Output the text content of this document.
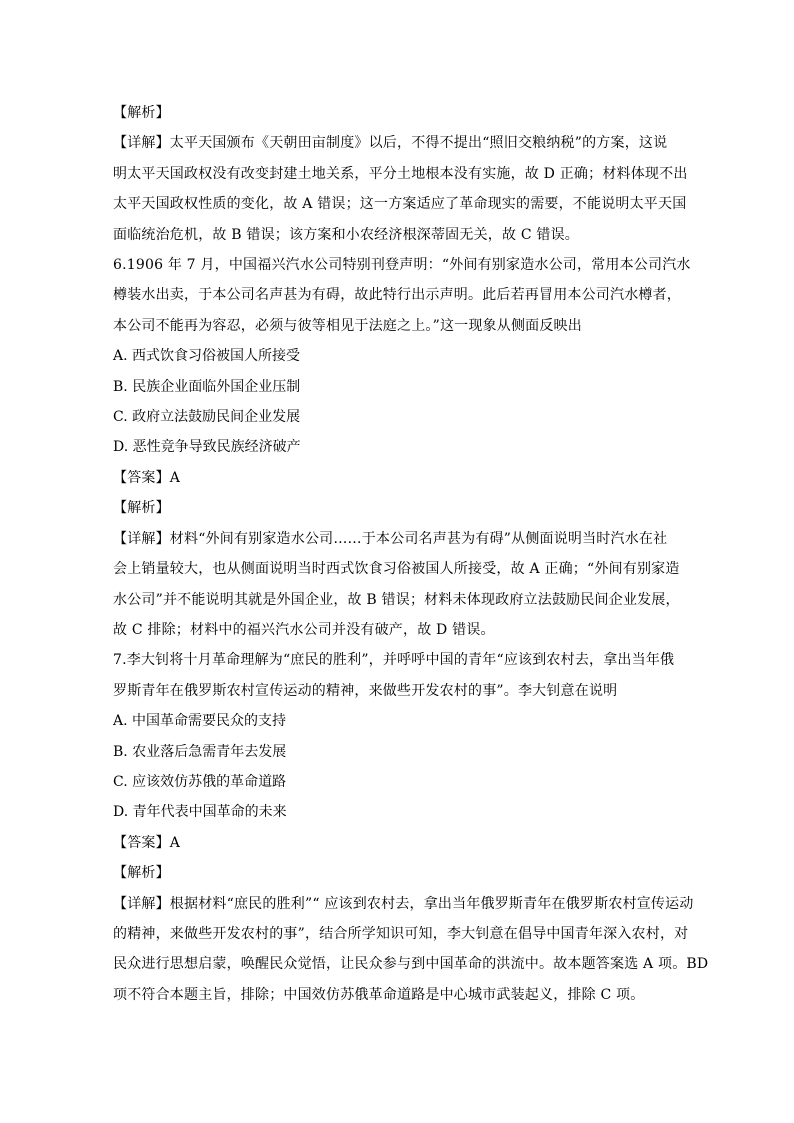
【解析】
【详解】太平天国颁布《天朝田亩制度》以后，不得不提出“照旧交粮纳税”的方案，这说
明太平天国政权没有改变封建土地关系，平分土地根本没有实施，故 D 正确；材料体现不出
太平天国政权性质的变化，故 A 错误；这一方案适应了革命现实的需要，不能说明太平天国
面临统治危机，故 B 错误；该方案和小农经济根深蒂固无关，故 C 错误。
6.1906 年 7 月，中国福兴汽水公司特别刊登声明：“外间有别家造水公司，常用本公司汽水
樽装水出卖，于本公司名声甚为有碍，故此特行出示声明。此后若再冒用本公司汽水樽者，
本公司不能再为容忍，必须与彼等相见于法庭之上。”这一现象从侧面反映出
A. 西式饮食习俗被国人所接受
B. 民族企业面临外国企业压制
C. 政府立法鼓励民间企业发展
D. 恶性竞争导致民族经济破产
【答案】A
【解析】
【详解】材料“外间有别家造水公司……于本公司名声甚为有碍”从侧面说明当时汽水在社
会上销量较大，也从侧面说明当时西式饮食习俗被国人所接受，故 A 正确；“外间有别家造
水公司”并不能说明其就是外国企业，故 B 错误；材料未体现政府立法鼓励民间企业发展，
故 C 排除；材料中的福兴汽水公司并没有破产，故 D 错误。
7.李大钊将十月革命理解为“庶民的胜利”，并呼呼中国的青年“应该到农村去，拿出当年俄
罗斯青年在俄罗斯农村宣传运动的精神，来做些开发农村的事”。李大钊意在说明
A. 中国革命需要民众的支持
B. 农业落后急需青年去发展
C. 应该效仿苏俄的革命道路
D. 青年代表中国革命的未来
【答案】A
【解析】
【详解】根据材料“庶民的胜利”“ 应该到农村去，拿出当年俄罗斯青年在俄罗斯农村宣传运动
的精神，来做些开发农村的事”，结合所学知识可知，李大钊意在倡导中国青年深入农村，对
民众进行思想启蒙，唤醒民众觉悟，让民众参与到中国革命的洪流中。故本题答案选 A 项。BD
项不符合本题主旨，排除；中国效仿苏俄革命道路是中心城市武装起义，排除 C 项。
